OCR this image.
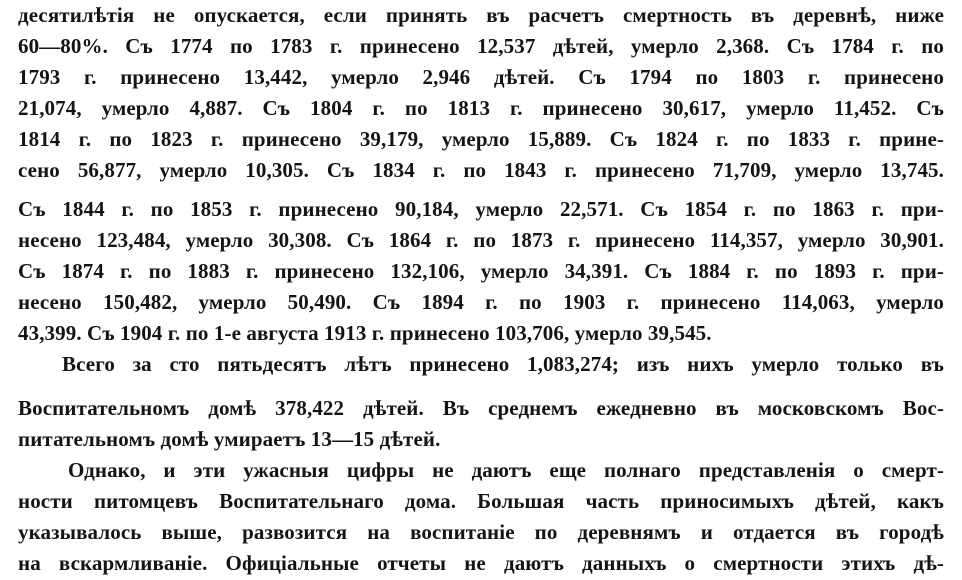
десятилѣтія не опускается, если принять въ расчетъ смертность въ деревнѣ, ниже
60—80%. Съ 1774 по 1783 г. принесено 12,537 дѣтей, умерло 2,368. Съ 1784 г. по
1793 г. принесено 13,442, умерло 2,946 дѣтей. Съ 1794 по 1803 г. принесено
21,074, умерло 4,887. Съ 1804 г. по 1813 г. принесено 30,617, умерло 11,452. Съ
1814 г. по 1823 г. принесено 39,179, умерло 15,889. Съ 1824 г. по 1833 г. прине-
сено 56,877, умерло 10,305. Съ 1834 г. по 1843 г. принесено 71,709, умерло 13,745.
Съ 1844 г. по 1853 г. принесено 90,184, умерло 22,571. Съ 1854 г. по 1863 г. при-
несено 123,484, умерло 30,308. Съ 1864 г. по 1873 г. принесено 114,357, умерло 30,901.
Съ 1874 г. по 1883 г. принесено 132,106, умерло 34,391. Съ 1884 г. по 1893 г. при-
несено 150,482, умерло 50,490. Съ 1894 г. по 1903 г. принесено 114,063, умерло
43,399. Съ 1904 г. по 1-е августа 1913 г. принесено 103,706, умерло 39,545.
Всего за сто пятьдесятъ лѣтъ принесено 1,083,274; изъ нихъ умерло только въ
Воспитательномъ домѣ 378,422 дѣтей. Въ среднемъ ежедневно въ московскомъ Вос-
питательномъ домѣ умираетъ 13—15 дѣтей.
Однако, и эти ужасныя цифры не даютъ еще полнаго представленія о смерт-
ности питомцевъ Воспитательнаго дома. Большая часть приносимыхъ дѣтей, какъ
указывалось выше, развозится на воспитаніе по деревнямъ и отдается въ городѣ
на вскармливаніе. Офиціальные отчеты не даютъ данныхъ о смертности этихъ дѣ-
